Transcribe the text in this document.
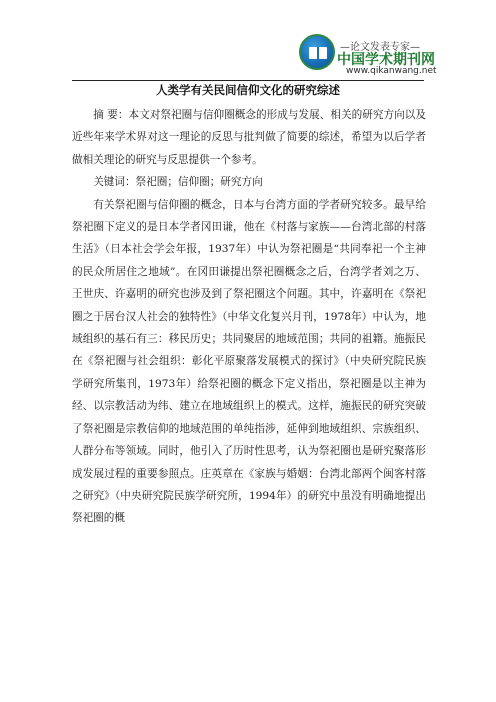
—论文发表专家—
中国学术期刊网
www.qikanwang.net
人类学有关民间信仰文化的研究综述

摘 要：本文对祭祀圈与信仰圈概念的形成与发展、相关的研究方向以及近些年来学术界对这一理论的反思与批判做了简要的综述，希望为以后学者做相关理论的研究与反思提供一个参考。

关键词：祭祀圈；信仰圈；研究方向

有关祭祀圈与信仰圈的概念，日本与台湾方面的学者研究较多。最早给祭祀圈下定义的是日本学者冈田谦，他在《村落与家族——台湾北部的村落生活》（日本社会学会年报，1937年）中认为祭祀圈是“共同奉祀一个主神的民众所居住之地域”。在冈田谦提出祭祀圈概念之后，台湾学者刘之万、王世庆、许嘉明的研究也涉及到了祭祀圈这个问题。其中，许嘉明在《祭祀圈之于居台汉人社会的独特性》（中华文化复兴月刊，1978年）中认为，地域组织的基石有三：移民历史；共同聚居的地域范围；共同的祖籍。施振民在《祭祀圈与社会组织：彰化平原聚落发展模式的探讨》（中央研究院民族学研究所集刊，1973年）给祭祀圈的概念下定义指出，祭祀圈是以主神为经、以宗教活动为纬、建立在地域组织上的模式。这样，施振民的研究突破了祭祀圈是宗教信仰的地域范围的单纯指涉，延伸到地域组织、宗族组织、人群分布等领域。同时，他引入了历时性思考，认为祭祀圈也是研究聚落形成发展过程的重要参照点。庄英章在《家族与婚姻：台湾北部两个闽客村落之研究》（中央研究院民族学研究所，1994年）的研究中虽没有明确地提出祭祀圈的概
